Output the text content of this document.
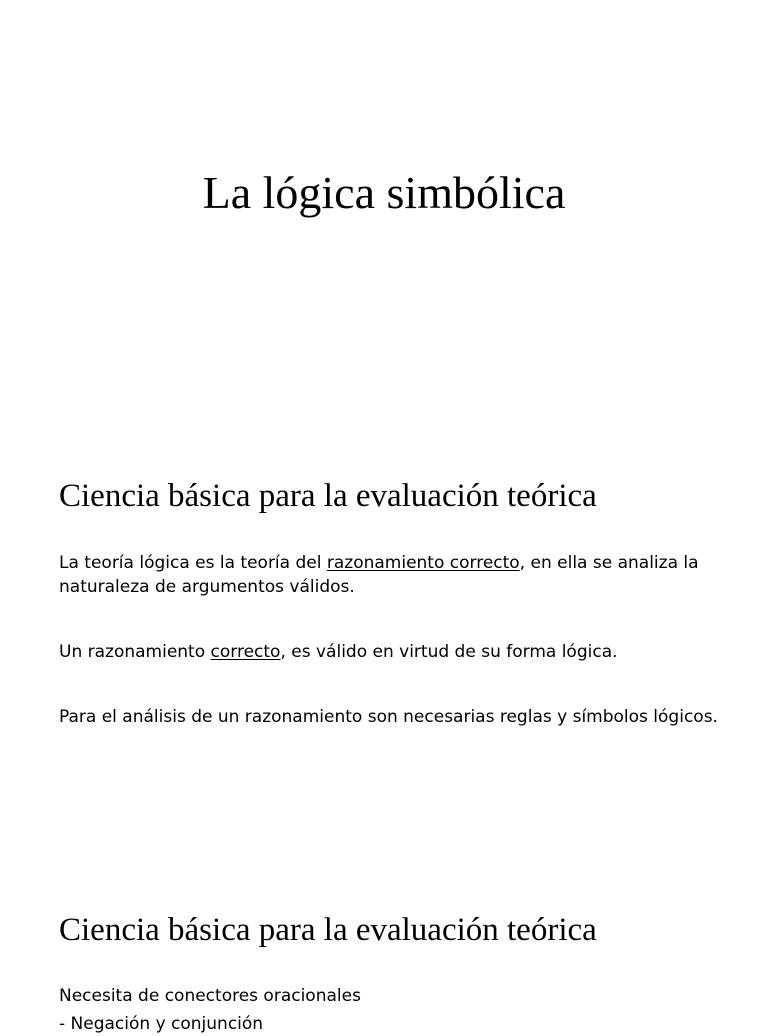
La lógica simbólica
Ciencia básica para la evaluación teórica

La teoría lógica es la teoría del razonamiento correcto, en ella se analiza la naturaleza de argumentos válidos.

Un razonamiento correcto, es válido en virtud de su forma lógica.

Para el análisis de un razonamiento son necesarias reglas y símbolos lógicos.

Ciencia básica para la evaluación teórica

Necesita de conectores oracionales

- Negación y conjunción
